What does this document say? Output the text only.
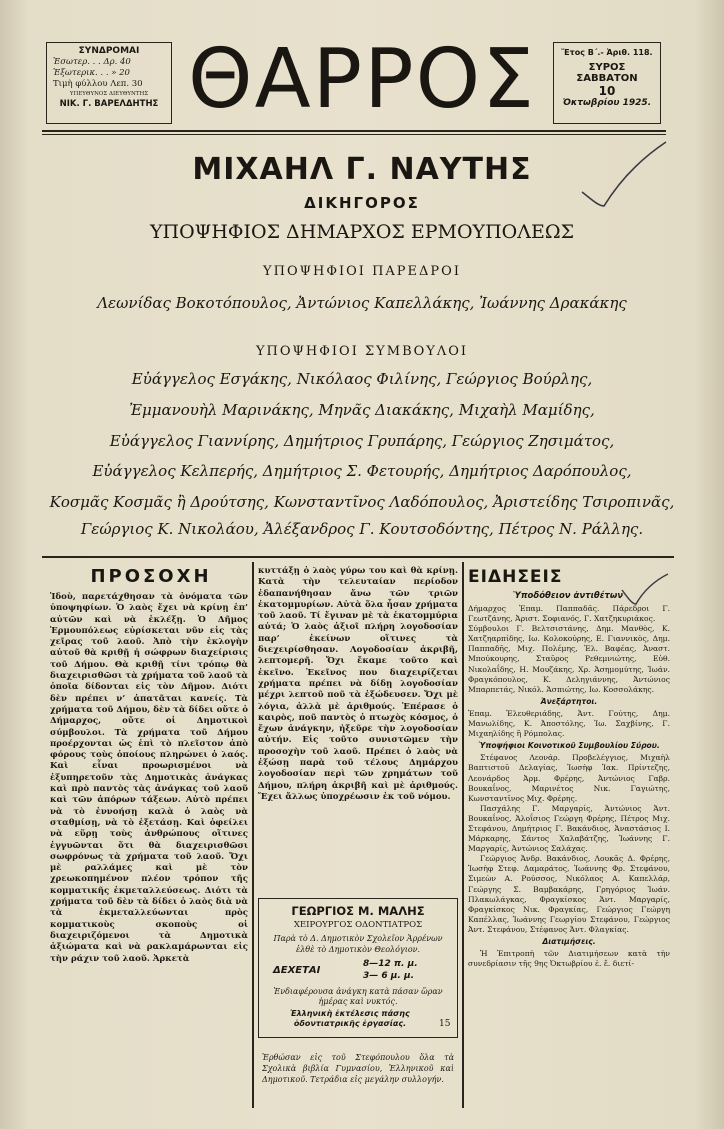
ΣΥΝΔΡΟΜΑΙ
Ἐσωτερ. . . Δρ. 40
Ἐξωτερικ. . . » 20
Τιμὴ φύλλου Λεπ. 30
ΥΠΕΥΘΥΝΟΣ ΔΙΕΥΘΥΝΤΗΣ
ΝΙΚ. Γ. ΒΑΡΕΛΔΗΤΗΣ ΘΑΡΡΟΣ	Ἔτος Β΄.- Ἀριθ. 118.
ΣΥΡΟΣ
ΣΑΒΒΑΤΟΝ
10
Ὀκτωβρίου 1925.
ΜΙΧΑΗΛ Γ. ΝΑΥΤΗΣ
ΔΙΚΗΓΟΡΟΣ
ΥΠΟΨΗΦΙΟΣ ΔΗΜΑΡΧΟΣ ΕΡΜΟΥΠΟΛΕΩΣ
ΥΠΟΨΗΦΙΟΙ ΠΑΡΕΔΡΟΙ
Λεωνίδας Βοκοτόπουλος, Ἀντώνιος Καπελλάκης, Ἰωάννης Δρακάκης
ΥΠΟΨΗΦΙΟΙ ΣΥΜΒΟΥΛΟΙ
Εὐάγγελος Εσγάκης, Νικόλαος Φιλίνης, Γεώργιος Βούρλης,
Ἐμμανουὴλ Μαρινάκης, Μηνᾶς Διακάκης, Μιχαὴλ Μαμίδης,
Εὐάγγελος Γιαννίρης, Δημήτριος Γρυπάρης, Γεώργιος Ζησιμάτος,
Εὐάγγελος Κελπερής, Δημήτριος Σ. Φετουρής, Δημήτριος Δαρόπουλος,
Κοσμᾶς Κοσμᾶς ἢ Δρούτσης, Κωνσταντῖνος Λαδόπουλος, Ἀριστείδης Τσιροπινᾶς,
Γεώργιος Κ. Νικολάου, Ἀλέξανδρος Γ. Κουτσοδόντης, Πέτρος Ν. Ράλλης.
ΠΡΟΣΟΧΗ

Ἰδοὺ, παρετάχθησαν τὰ ὀνόματα τῶν ὑποψηφίων. Ὁ λαὸς ἔχει νὰ κρίνῃ ἐπ’ αὐτῶν καὶ νὰ ἐκλέξῃ. Ὁ Δῆμος Ἑρμουπόλεως εὑρίσκεται νῦν εἰς τὰς χεῖρας τοῦ λαοῦ. Ἀπὸ τὴν ἐκλογὴν αὐτοῦ θὰ κριθῇ ἡ σώφρων διαχείρισις τοῦ Δήμου. Θὰ κριθῇ τίνι τρόπῳ θὰ διαχειρισθῶσι τὰ χρήματα τοῦ λαοῦ τὰ ὁποῖα δίδονται εἰς τὸν Δῆμον. Διότι δὲν πρέπει ν’ ἀπατᾶται κανείς. Τὰ χρήματα τοῦ Δήμου, δὲν τὰ δίδει οὔτε ὁ Δήμαρχος, οὔτε οἱ Δημοτικοὶ σύμβουλοι. Τὰ χρήματα τοῦ Δήμου προέρχονται ὡς ἐπὶ τὸ πλεῖστον ἀπὸ φόρους τοὺς ὁποίους πληρώνει ὁ λαός. Καὶ εἶναι προωρισμένοι νὰ ἐξυπηρετοῦν τὰς Δημοτικὰς ἀνάγκας καὶ πρὸ παντὸς τὰς ἀνάγκας τοῦ λαοῦ καὶ τῶν ἀπόρων τάξεων. Αὐτὸ πρέπει νὰ τὸ ἐννοήσῃ καλὰ ὁ λαὸς νὰ σταθμίσῃ, νὰ τὸ ἐξετάσῃ. Καὶ ὀφείλει νὰ εὕρῃ τοὺς ἀνθρώπους οἵτινες ἐγγυῶνται ὅτι θὰ διαχειρισθῶσι σωφρόνως τὰ χρήματα τοῦ λαοῦ. Ὄχι μὲ ραλλάμες καὶ μὲ τὸν χρεωκοπημένον πλέον τρόπον τῆς κομματικῆς ἐκμεταλλεύσεως. Διότι τὰ χρήματα τοῦ δὲν τὰ δίδει ὁ λαὸς διὰ νὰ τὰ ἐκμεταλλεύωνται πρὸς κομματικοὺς σκοποὺς οἱ διαχειριζόμενοι τὰ Δημοτικὰ ἀξιώματα καὶ νὰ ρακλαμάρωνται εἰς τὴν ράχιν τοῦ λαοῦ. Ἀρκετὰ

κυττάξῃ ὁ λαὸς γύρω του καὶ θὰ κρίνῃ. Κατὰ τὴν τελευταίαν περίοδον ἐδαπανήθησαν ἄνω τῶν τριῶν ἑκατομμυρίων. Αὐτὰ ὅλα ἦσαν χρήματα τοῦ λαοῦ. Τί ἔγιναν μὲ τὰ ἑκατομμύρια αὐτά; Ὁ λαὸς ἀξιοῖ πλήρη λογοδοσίαν παρ’ ἐκείνων οἵτινες τὰ διεχειρίσθησαν. Λογοδοσίαν ἀκριβῆ, λεπτομερῆ. Ὄχι ἔκαμε τοῦτο καὶ ἐκεῖνο. Ἐκεῖνος που διαχειρίζεται χρήματα πρέπει νὰ δίδῃ λογοδοσίαν μέχρι λεπτοῦ ποῦ τὰ ἐξώδευσεν. Ὄχι μὲ λόγια, ἀλλὰ μὲ ἀριθμούς. Ἐπέρασε ὁ καιρὸς, ποῦ παντὸς ὁ πτωχὸς κόσμος, ὁ ἔχων ἀνάγκην, ἠξεῦρε τὴν λογοδοσίαν αὐτήν. Εἰς τοῦτο συνιστῶμεν τὴν προσοχὴν τοῦ λαοῦ. Πρέπει ὁ λαὸς νὰ ἐξώσῃ παρὰ τοῦ τέλους Δημάρχου λογοδοσίαν περὶ τῶν χρημάτων τοῦ Δήμου, πλήρη ἀκριβῆ καὶ μὲ ἀριθμούς. Ἔχει ἄλλως ὑποχρέωσιν ἐκ τοῦ νόμου.

ΓΕΩΡΓΙΟΣ Μ. ΜΑΛΗΣ
ΧΕΙΡΟΥΡΓΟΣ ΟΔΟΝΤΙΑΤΡΟΣ
Παρὰ τὸ Δ. Δημοτικὸν Σχολεῖον Ἀρρένων ἐλθὲ τὸ Δημοτικὸν Θεολόγιον.
ΔΕΧΕΤΑΙ
8—12 π. μ.
3— 6 μ. μ.
Ἐνδιαφέρουσα ἀνάγκη κατὰ πάσαν ὥραν ἡμέρας καὶ νυκτός.
Ἐλληνικὴ ἐκτέλεσις πάσης ὀδοντιατρικῆς ἐργασίας.	15

Ἐρθώσαν εἰς τοῦ Στεφόπουλου ὅλα τὰ Σχολικὰ βιβλία Γυμνασίου, Ἑλληνικοῦ καὶ Δημοτικοῦ. Τετράδια εἰς μεγάλην συλλογήν.

ΕΙΔΗΣΕΙΣ
Ὑποδόθειον ἀντιθέτων

Δήμαρχος Ἐπαμ. Παππαδᾶς. Πάρεδροι Γ. Γεωτζάνης, Ἀριστ. Σοφιανός, Γ. Χατζηκυριάκος.

Σύμβουλοι Γ. Βελτσιστάνης, Δημ. Μανθὸς, Κ. Χατζηαρπίδης, Ιω. Κολοκούρης, Ε. Γιαννικὸς, Δημ. Παππαδῆς, Μιχ. Πολέμης, Ἐλ. Βαφέας, Ἀναστ. Μπούκουρης, Σταῦρος Ρεθεμνιώτης, Εὐθ. Νικολαΐδης, Η. Μουζάκης, Χρ. Ἀσημομύτης, Ἰωάν. Φραγκόπουλος, Κ. Δεληγιάννης, Ἀντώνιος Μπαρπετάς, Νικόλ. Ἀσπιώτης, Ιω. Κοσσολάκης.

Ἀνεξάρτητοι.

Ἐπαμ. Ἐλευθεριάδης, Ἀντ. Γούτης, Δημ. Μανωλίδης, Κ. Ἀποστόλης, Ἰω. Σαχβίνης, Γ. Μιχαηλίδης ἢ Ρόμπολας.

Ὑποψήφιοι Κοινοτικοῦ Συμβουλίου Σύρου.

Στέφανος Λεονάρ. Προβελέγγιος, Μιχαὴλ Βαπτιστοῦ Δελαγίας, Ἰωσὴφ Ἰακ. Πρίντεζης, Λεονάρδος Ἀρμ. Φρέρης, Ἀντώνιος Γαβρ. Βουκαΐνος, Μαρινέτος Νικ. Γαγιώτης, Κωνσταντῖνος Μιχ. Φρέρης.

Πασχάλης Γ. Μαργαρίς, Ἀντώνιος Ἀντ. Βουκαΐνος, Ἀλοΐσιος Γεώργη Φρέρης, Πέτρος Μιχ. Στεφάνου, Δημήτριος Γ. Βακάνδιος, Ἀναστάσιος Ι. Μάρκαρης, Σάντος Χαλαβάτζης, Ἰωάννης Γ. Μαργαρίς, Ἀντώνιος Σαλάχας.

Γεώργιος Ἀνδρ. Βακάνδιος, Λουκᾶς Δ. Φρέρης, Ἰωσὴφ Στεφ. Δαμαράτος, Ἰωάννης Φρ. Στεφάνου, Σιμεὼν Α. Ρούσσος, Νικόλαος Α. Καπελλάρ, Γεώργης Σ. Βαμβακάρης, Γρηγόριος Ἰωάν. Πλακωλάγκας, Φραγκίσκος Ἀντ. Μαργαρίς, Φραγκίσκος Νικ. Φραγκίας, Γεώργιος Γεώργη Καπέλλας, Ἰωάννης Γεωργίου Στεφάνου, Γεώργιος Ἀντ. Στεφάνου, Στέφανος Ἀντ. Φλαγκίας.

Διατιμήσεις.

Ἡ Ἐπιτροπὴ τῶν Διατιμήσεων κατὰ τὴν συνεδρίασιν τῆς 9ης Ὀκτωβρίου ἐ. ἔ. διετί-
